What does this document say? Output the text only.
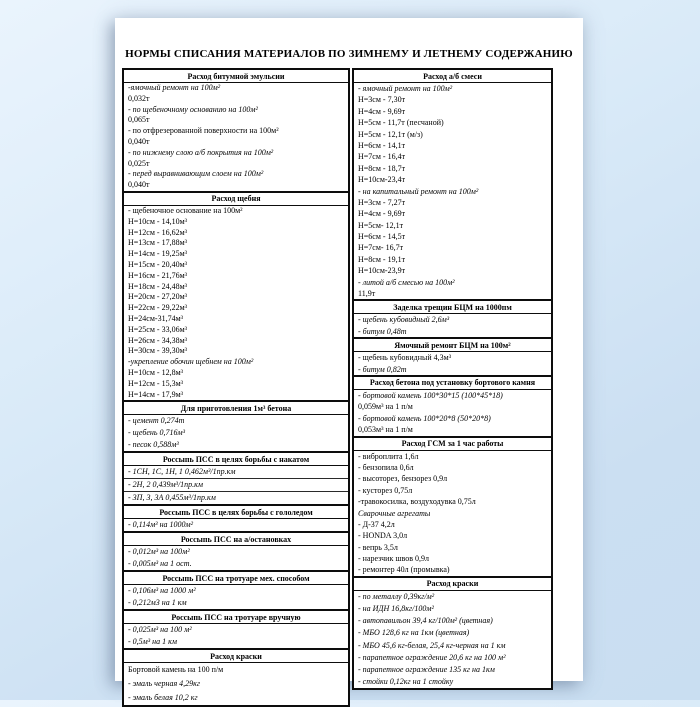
НОРМЫ СПИСАНИЯ МАТЕРИАЛОВ ПО ЗИМНЕМУ И ЛЕТНЕМУ СОДЕРЖАНИЮ
Расход битумной эмульсии
-ямочный ремонт на 100м²
0,032т
- по щебеночному основанию на 100м²
0,065т
- по отфрезерованной поверхности на 100м²
0,040т
- по нижнему слою а/б покрытия на 100м²
0,025т
- перед выравнивающим слоем на 100м²
0,040т
Расход щебня
- щебеночное основание на 100м²
Н=10см - 14,10м³
Н=12см - 16,62м³
Н=13см - 17,88м³
Н=14см - 19,25м³
Н=15см - 20,40м³
Н=16см - 21,76м³
Н=18см - 24,48м³
Н=20см - 27,20м³
Н=22см - 29,22м³
Н=24см-31,74м³
Н=25см - 33,06м³
Н=26см - 34,38м³
Н=30см - 39,30м³
-укрепление обочин щебнем на 100м²
Н=10см - 12,8м³
Н=12см - 15,3м³
Н=14см - 17,9м³
Для приготовления 1м³ бетона
- цемент 0,274т
- щебень 0,716м³
- песок 0,588м³
Россыпь ПСС в целях борьбы с накатом
- 1СН, 1С, 1Н, 1 0,462м³/1пр.км
- 2Н, 2 0,439м³/1пр.км
- 3П, 3, 3А 0,455м³/1пр.км
Россыпь ПСС в целях борьбы с гололедом
- 0,114м³ на 1000м²
Россыпь ПСС на а/остановках
- 0,012м³ на 100м²
- 0,005м³ на 1 ост.
Россыпь ПСС на тротуаре мех. способом
- 0,106м³ на 1000 м²
- 0,212м3 на 1 км
Россыпь ПСС на тротуаре вручную
- 0,025м³ на 100 м²
- 0,5м³ на 1 км
Расход краски
Бортовой камень на 100 п/м
- эмаль черная 4,29кг
- эмаль белая 10,2 кг
Расход а/б смеси
- ямочный ремонт на 100м²
Н=3см - 7,30т
Н=4см - 9,69т
Н=5см - 11,7т (песчаной)
Н=5см - 12,1т (м/з)
Н=6см - 14,1т
Н=7см - 16,4т
Н=8см - 18,7т
Н=10см-23,4т
- на капитальный ремонт на 100м²
Н=3см - 7,27т
Н=4см - 9,69т
Н=5см- 12,1т
Н=6см - 14,5т
Н=7см- 16,7т
Н=8см - 19,1т
Н=10см-23,9т
- литой а/б смесью на 100м²
11,9т
Заделка трещин БЦМ на 1000пм
- щебень кубовидный 2,6м³
- битум 0,48т
Ямочный ремонт БЦМ на 100м²
- щебень кубовидный 4,3м³
- битум 0,82т
Расход бетона под установку бортового камня
- бортовой камень 100*30*15 (100*45*18)
0,059м³ на 1 п/м
- бортовой камень 100*20*8 (50*20*8)
0,053м³ на 1 п/м
Расход ГСМ за 1 час работы
- виброплита 1,6л
- бензопила 0,6л
- высоторез, бензорез 0,9л
- кусторез 0,75л
-травокосилка, воздуходувка 0,75л
Сварочные агрегаты
- Д-37 4,2л
- HONDA 3,0л
- вепрь 3,5л
- нарезчик швов 0,9л
- ремонтер 40л (промывка)
Расход краски
- по металлу 0,39кг/м²
- на ИДН 16,8кг/100м²
- автопавильон 39,4 кг/100м² (цветная)
- МБО 128,6 кг на 1км (цветная)
- МБО 45,6 кг-белая, 25,4 кг-черная на 1 км
- парапетное ограждение 20,6 кг на 100 м²
- парапетное ограждение 135 кг на 1км
- стойки 0,12кг на 1 стойку
